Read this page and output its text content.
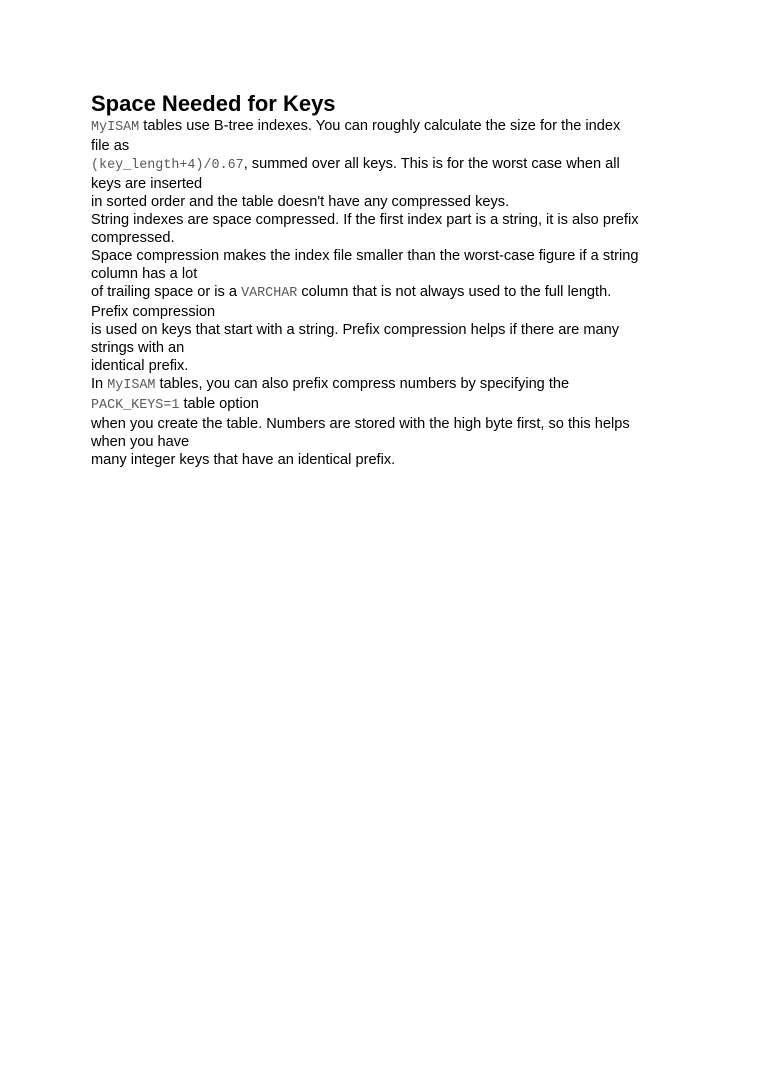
Space Needed for Keys
MyISAM tables use B-tree indexes. You can roughly calculate the size for the index
file as
(key_length+4)/0.67, summed over all keys. This is for the worst case when all
keys are inserted
in sorted order and the table doesn't have any compressed keys.
String indexes are space compressed. If the first index part is a string, it is also prefix
compressed.
Space compression makes the index file smaller than the worst-case figure if a string
column has a lot
of trailing space or is a VARCHAR column that is not always used to the full length.
Prefix compression
is used on keys that start with a string. Prefix compression helps if there are many
strings with an
identical prefix.
In MyISAM tables, you can also prefix compress numbers by specifying the
PACK_KEYS=1 table option
when you create the table. Numbers are stored with the high byte first, so this helps
when you have
many integer keys that have an identical prefix.
